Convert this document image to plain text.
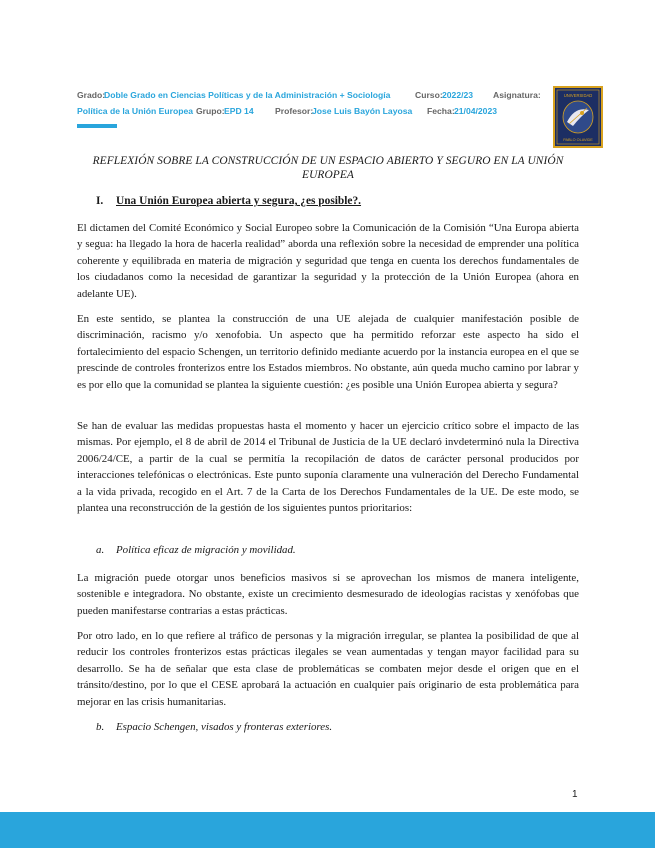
Grado:
Doble Grado en Ciencias Políticas y de la Administración + Sociología	Curso: 2022/23 Asignatura:
Política de la Unión Europea Grupo: EPD 14 Profesor:
Jose Luis Bayón Layosa Fecha: 21/04/2023
UNIVERSIDAD
PABLO OLAVIDE
REFLEXIÓN SOBRE LA CONSTRUCCIÓN DE UN ESPACIO ABIERTO Y SEGURO EN LA UNIÓN EUROPEA
I. Una Unión Europea abierta y segura, ¿es posible?.

El dictamen del Comité Económico y Social Europeo sobre la Comunicación de la Comisión “Una Europa abierta y segua: ha llegado la hora de hacerla realidad” aborda una reflexión sobre la necesidad de emprender una política coherente y equilibrada en materia de migración y seguridad que tenga en cuenta los derechos fundamentales de los ciudadanos como la necesidad de garantizar la seguridad y la protección de la Unión Europea (ahora en adelante UE).

En este sentido, se plantea la construcción de una UE alejada de cualquier manifestación posible de discriminación, racismo y/o xenofobia. Un aspecto que ha permitido reforzar este aspecto ha sido el fortalecimiento del espacio Schengen, un territorio definido mediante acuerdo por la instancia europea en el que se prescinde de controles fronterizos entre los Estados miembros. No obstante, aún queda mucho camino por labrar y es por ello que la comunidad se plantea la siguiente cuestión: ¿es posible una Unión Europea abierta y segura?

Se han de evaluar las medidas propuestas hasta el momento y hacer un ejercicio crítico sobre el impacto de las mismas. Por ejemplo, el 8 de abril de 2014 el Tribunal de Justicia de la UE declaró invdeterminó nula la Directiva 2006/24/CE, a partir de la cual se permitía la recopilación de datos de carácter personal producidos por interacciones telefónicas o electrónicas. Este punto suponía claramente una vulneración del Derecho Fundamental a la vida privada, recogido en el Art. 7 de la Carta de los Derechos Fundamentales de la UE. De este modo, se plantea una reconstrucción de la gestión de los siguientes puntos prioritarios:

a. Política eficaz de migración y movilidad.

La migración puede otorgar unos beneficios masivos si se aprovechan los mismos de manera inteligente, sostenible e integradora. No obstante, existe un crecimiento desmesurado de ideologías racistas y xenófobas que pueden manifestarse contrarias a estas prácticas.

Por otro lado, en lo que refiere al tráfico de personas y la migración irregular, se plantea la posibilidad de que al reducir los controles fronterizos estas prácticas ilegales se vean aumentadas y tengan mayor facilidad para su desarrollo. Se ha de señalar que esta clase de problemáticas se combaten mejor desde el origen que en el tránsito/destino, por lo que el CESE aprobará la actuación en cualquier país originario de esta problemática para mejorar en las crisis humanitarias.

b. Espacio Schengen, visados y fronteras exteriores.
1
